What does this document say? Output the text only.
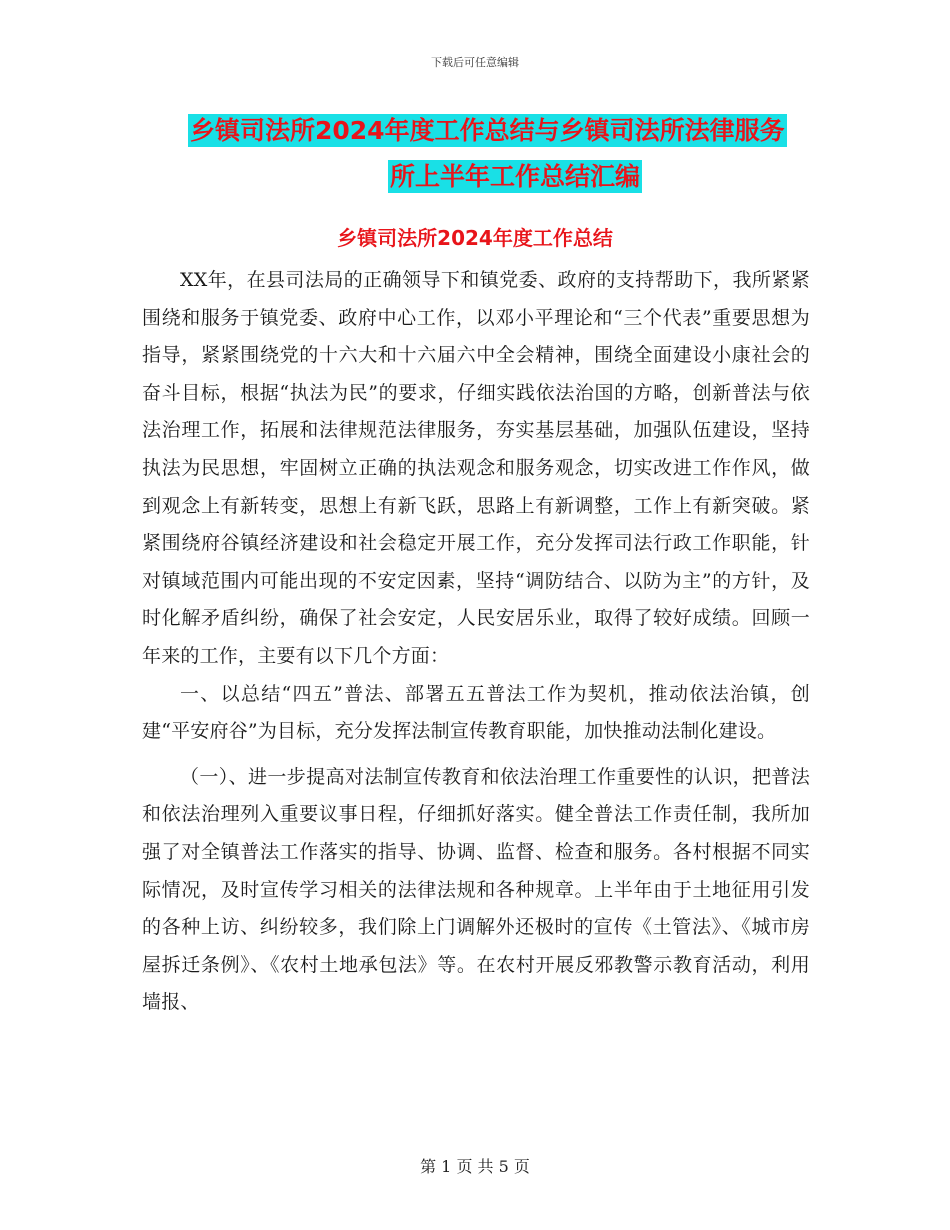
下载后可任意编辑
乡镇司法所2024年度工作总结与乡镇司法所法律服务
所上半年工作总结汇编
乡镇司法所2024年度工作总结

XX年，在县司法局的正确领导下和镇党委、政府的支持帮助下，我所紧紧围绕和服务于镇党委、政府中心工作，以邓小平理论和“三个代表”重要思想为指导，紧紧围绕党的十六大和十六届六中全会精神，围绕全面建设小康社会的奋斗目标，根据“执法为民”的要求，仔细实践依法治国的方略，创新普法与依法治理工作，拓展和法律规范法律服务，夯实基层基础，加强队伍建设，坚持执法为民思想，牢固树立正确的执法观念和服务观念，切实改进工作作风，做到观念上有新转变，思想上有新飞跃，思路上有新调整，工作上有新突破。紧紧围绕府谷镇经济建设和社会稳定开展工作，充分发挥司法行政工作职能，针对镇域范围内可能出现的不安定因素，坚持“调防结合、以防为主”的方针，及时化解矛盾纠纷，确保了社会安定，人民安居乐业，取得了较好成绩。回顾一年来的工作，主要有以下几个方面：

一、以总结“四五”普法、部署五五普法工作为契机，推动依法治镇，创建“平安府谷”为目标，充分发挥法制宣传教育职能，加快推动法制化建设。

（一）、进一步提高对法制宣传教育和依法治理工作重要性的认识，把普法和依法治理列入重要议事日程，仔细抓好落实。健全普法工作责任制，我所加强了对全镇普法工作落实的指导、协调、监督、检查和服务。各村根据不同实际情况，及时宣传学习相关的法律法规和各种规章。上半年由于土地征用引发的各种上访、纠纷较多，我们除上门调解外还极时的宣传《土管法》、《城市房屋拆迁条例》、《农村土地承包法》等。在农村开展反邪教警示教育活动，利用墙报、

第 1 页 共 5 页
